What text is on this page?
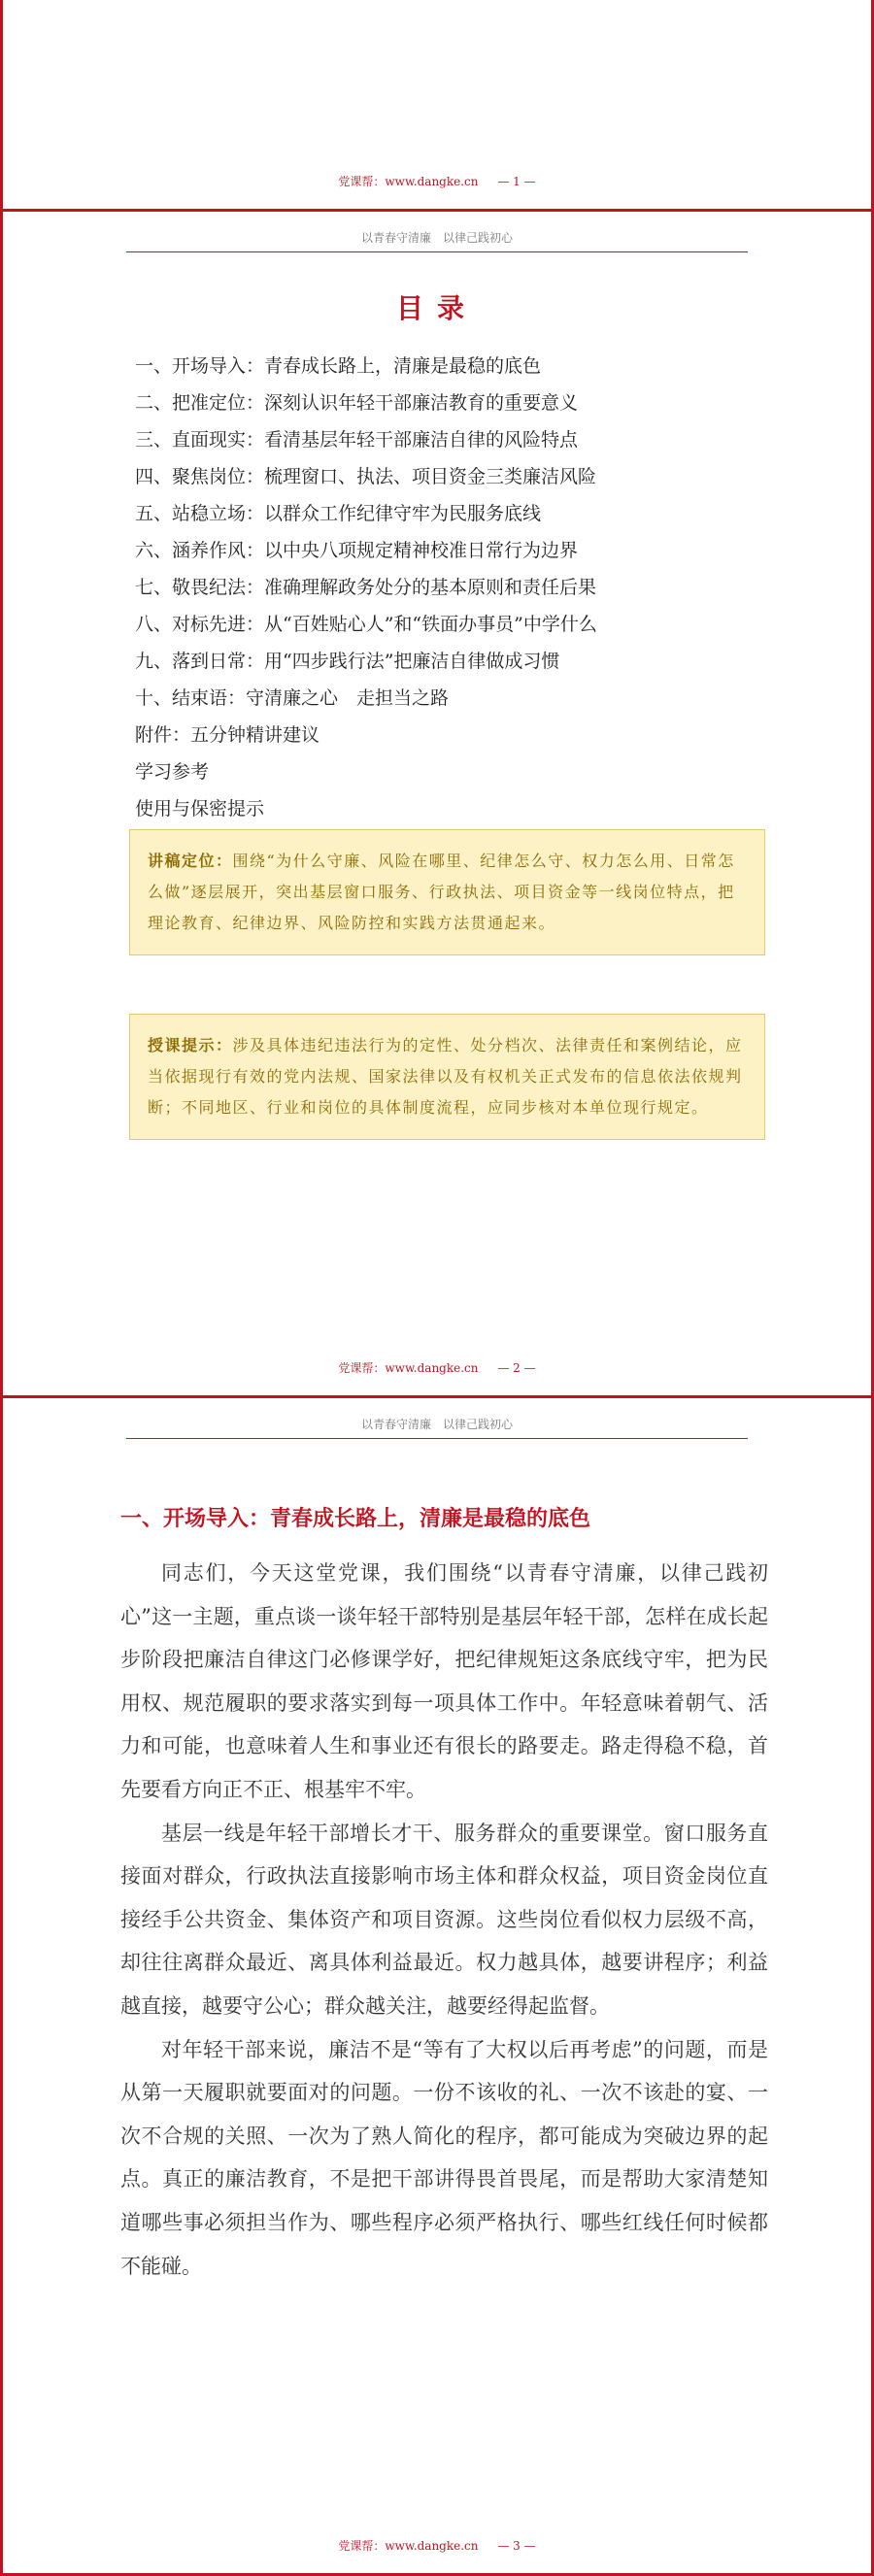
党课帮：www.dangke.cn — 1 —
以青春守清廉　以律己践初心
目录
一、开场导入：青春成长路上，清廉是最稳的底色
二、把准定位：深刻认识年轻干部廉洁教育的重要意义
三、直面现实：看清基层年轻干部廉洁自律的风险特点
四、聚焦岗位：梳理窗口、执法、项目资金三类廉洁风险
五、站稳立场：以群众工作纪律守牢为民服务底线
六、涵养作风：以中央八项规定精神校准日常行为边界
七、敬畏纪法：准确理解政务处分的基本原则和责任后果
八、对标先进：从“百姓贴心人”和“铁面办事员”中学什么
九、落到日常：用“四步践行法”把廉洁自律做成习惯
十、结束语：守清廉之心　走担当之路
附件：五分钟精讲建议
学习参考
使用与保密提示
讲稿定位：围绕“为什么守廉、风险在哪里、纪律怎么守、权力怎么用、日常怎么做”逐层展开，突出基层窗口服务、行政执法、项目资金等一线岗位特点，把理论教育、纪律边界、风险防控和实践方法贯通起来。
授课提示：涉及具体违纪违法行为的定性、处分档次、法律责任和案例结论，应当依据现行有效的党内法规、国家法律以及有权机关正式发布的信息依法依规判断；不同地区、行业和岗位的具体制度流程，应同步核对本单位现行规定。
党课帮：www.dangke.cn — 2 —
以青春守清廉　以律己践初心
一、开场导入：青春成长路上，清廉是最稳的底色

同志们，今天这堂党课，我们围绕“以青春守清廉，以律己践初心”这一主题，重点谈一谈年轻干部特别是基层年轻干部，怎样在成长起步阶段把廉洁自律这门必修课学好，把纪律规矩这条底线守牢，把为民用权、规范履职的要求落实到每一项具体工作中。年轻意味着朝气、活力和可能，也意味着人生和事业还有很长的路要走。路走得稳不稳，首先要看方向正不正、根基牢不牢。

基层一线是年轻干部增长才干、服务群众的重要课堂。窗口服务直接面对群众，行政执法直接影响市场主体和群众权益，项目资金岗位直接经手公共资金、集体资产和项目资源。这些岗位看似权力层级不高，却往往离群众最近、离具体利益最近。权力越具体，越要讲程序；利益越直接，越要守公心；群众越关注，越要经得起监督。

对年轻干部来说，廉洁不是“等有了大权以后再考虑”的问题，而是从第一天履职就要面对的问题。一份不该收的礼、一次不该赴的宴、一次不合规的关照、一次为了熟人简化的程序，都可能成为突破边界的起点。真正的廉洁教育，不是把干部讲得畏首畏尾，而是帮助大家清楚知道哪些事必须担当作为、哪些程序必须严格执行、哪些红线任何时候都不能碰。

党课帮：www.dangke.cn — 3 —
